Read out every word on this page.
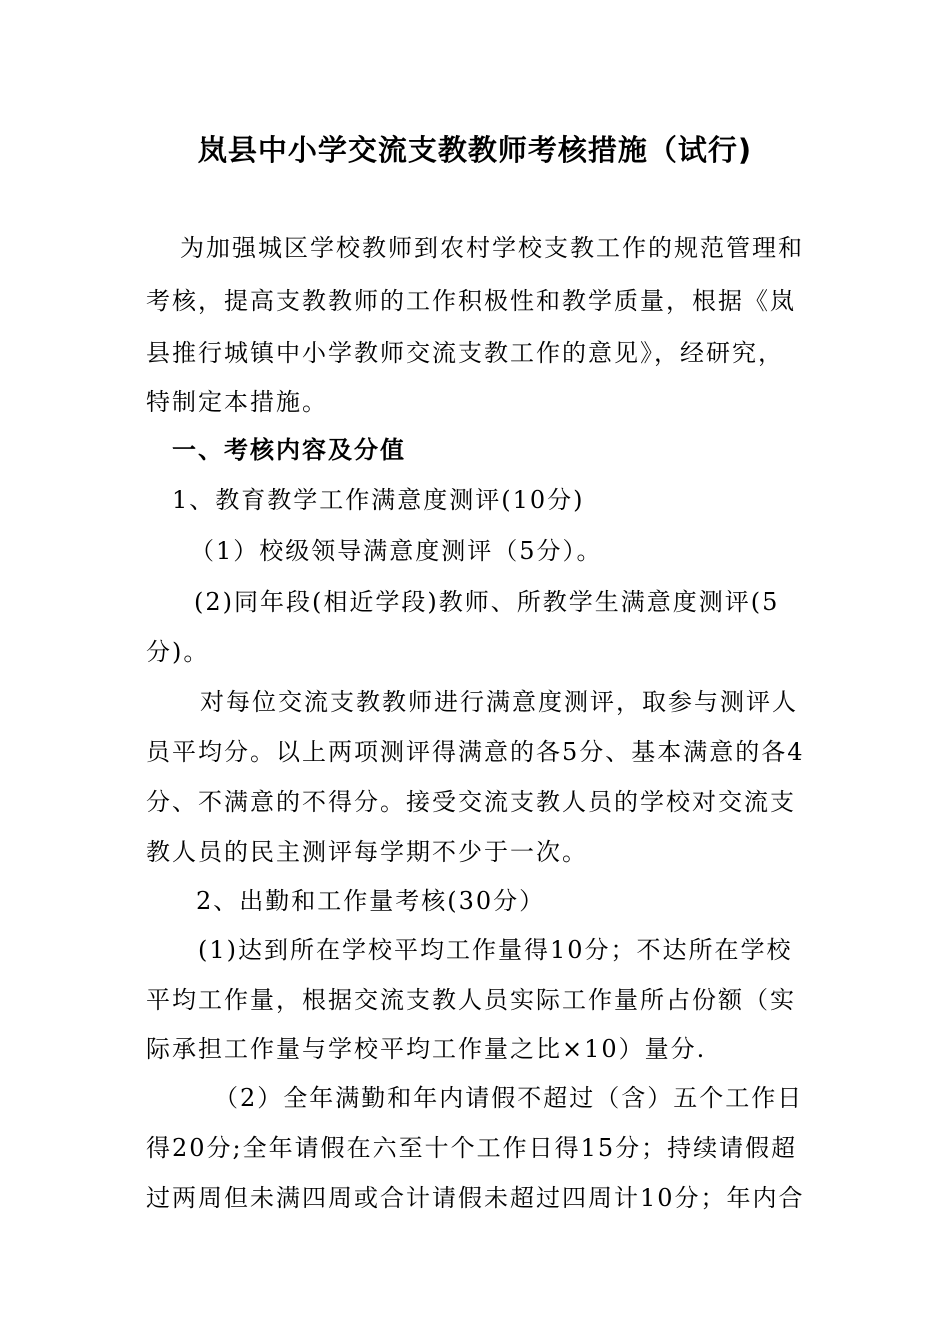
岚县中小学交流支教教师考核措施（试行)
为加强城区学校教师到农村学校支教工作的规范管理和
考核，提高支教教师的工作积极性和教学质量，根据《岚
县推行城镇中小学教师交流支教工作的意见》，经研究，
特制定本措施。
一、考核内容及分值
1、教育教学工作满意度测评(10分)
（1）校级领导满意度测评（5分）。
(2)同年段(相近学段)教师、所教学生满意度测评(5
分)。
对每位交流支教教师进行满意度测评，取参与测评人
员平均分。以上两项测评得满意的各5分、基本满意的各4
分、不满意的不得分。接受交流支教人员的学校对交流支
教人员的民主测评每学期不少于一次。
2、出勤和工作量考核(30分）
(1)达到所在学校平均工作量得10分；不达所在学校
平均工作量，根据交流支教人员实际工作量所占份额（实
际承担工作量与学校平均工作量之比×10）量分.
（2）全年满勤和年内请假不超过（含）五个工作日
得20分;全年请假在六至十个工作日得15分；持续请假超
过两周但未满四周或合计请假未超过四周计10分；年内合
